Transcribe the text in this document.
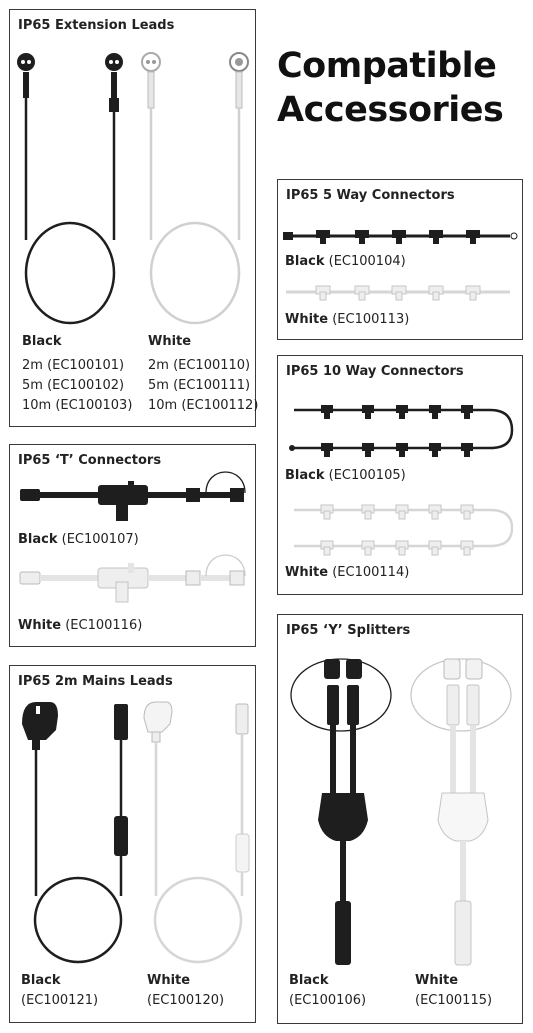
Compatible
Accessories
IP65 Extension Leads
Black
2m (EC100101)
5m (EC100102)
10m (EC100103)
White
2m (EC100110)
5m (EC100111)
10m (EC100112)
IP65 ‘T’ Connectors
Black (EC100107)
White (EC100116)
IP65 2m Mains Leads
Black
(EC100121)
White
(EC100120)
IP65 5 Way Connectors
Black (EC100104)
White (EC100113)
IP65 10 Way Connectors
Black (EC100105)
White (EC100114)
IP65 ‘Y’ Splitters
Black
(EC100106)
White
(EC100115)
